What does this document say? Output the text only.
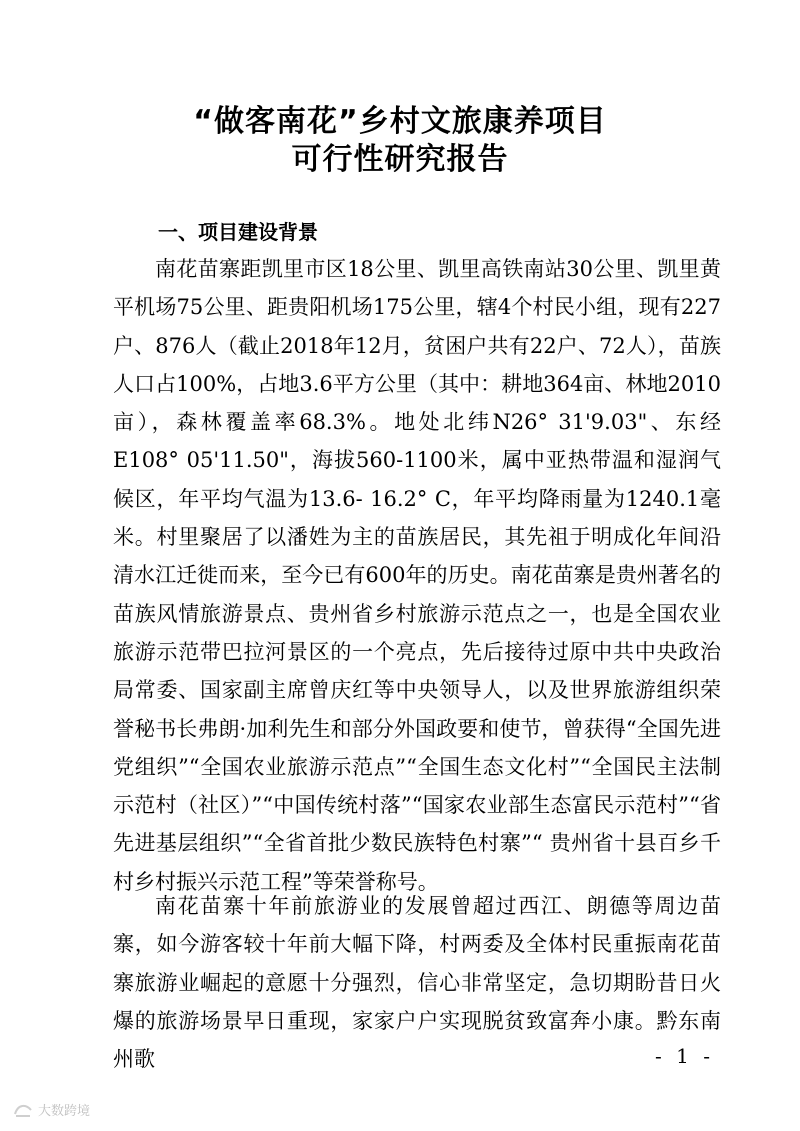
“做客南花”乡村文旅康养项目
可行性研究报告
一、项目建设背景
南花苗寨距凯里市区18公里、凯里高铁南站30公里、凯里黄平机场75公里、距贵阳机场175公里，辖4个村民小组，现有227户、876人（截止2018年12月，贫困户共有22户、72人），苗族人口占100%，占地3.6平方公里（其中：耕地364亩、林地2010亩），森林覆盖率68.3%。地处北纬N26° 31'9.03"、东经E108° 05'11.50"，海拔560-1100米，属中亚热带温和湿润气候区，年平均气温为13.6- 16.2° C，年平均降雨量为1240.1毫米。村里聚居了以潘姓为主的苗族居民，其先祖于明成化年间沿清水江迁徙而来，至今已有600年的历史。南花苗寨是贵州著名的苗族风情旅游景点、贵州省乡村旅游示范点之一，也是全国农业旅游示范带巴拉河景区的一个亮点，先后接待过原中共中央政治局常委、国家副主席曾庆红等中央领导人，以及世界旅游组织荣誉秘书长弗朗·加利先生和部分外国政要和使节，曾获得“全国先进党组织”“全国农业旅游示范点”“全国生态文化村”“全国民主法制示范村（社区）”“中国传统村落”“国家农业部生态富民示范村”“省先进基层组织”“全省首批少数民族特色村寨”“ 贵州省十县百乡千村乡村振兴示范工程”等荣誉称号。
南花苗寨十年前旅游业的发展曾超过西江、朗德等周边苗寨，如今游客较十年前大幅下降，村两委及全体村民重振南花苗寨旅游业崛起的意愿十分强烈，信心非常坚定，急切期盼昔日火爆的旅游场景早日重现，家家户户实现脱贫致富奔小康。黔东南州歌	- 1 -
大数跨境
